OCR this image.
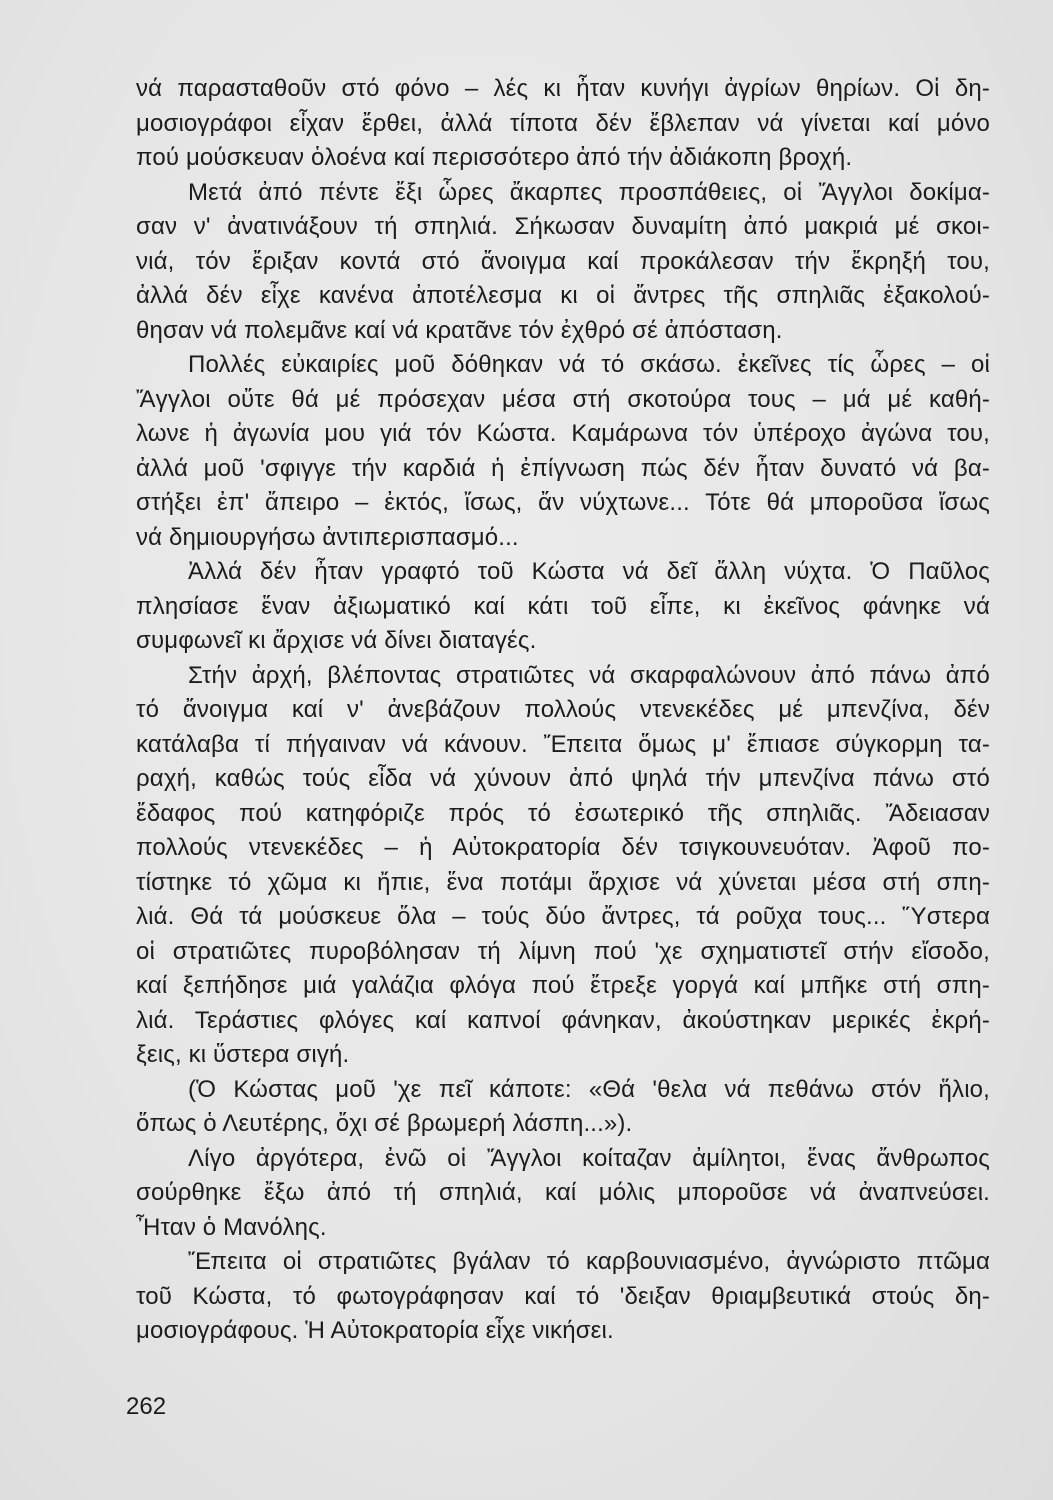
νά παρασταθοῦν στό φόνο – λές κι ἦταν κυνήγι ἀγρίων θηρίων. Οἱ δη-
μοσιογράφοι εἶχαν ἔρθει, ἀλλά τίποτα δέν ἔβλεπαν νά γίνεται καί μόνο
πού μούσκευαν ὁλοένα καί περισσότερο ἀπό τήν ἀδιάκοπη βροχή.
Μετά ἀπό πέντε ἔξι ὧρες ἄκαρπες προσπάθειες, οἱ Ἄγγλοι δοκίμα-
σαν ν' ἀνατινάξουν τή σπηλιά. Σήκωσαν δυναμίτη ἀπό μακριά μέ σκοι-
νιά, τόν ἔριξαν κοντά στό ἄνοιγμα καί προκάλεσαν τήν ἔκρηξή του,
ἀλλά δέν εἶχε κανένα ἀποτέλεσμα κι οἱ ἄντρες τῆς σπηλιᾶς ἐξακολού-
θησαν νά πολεμᾶνε καί νά κρατᾶνε τόν ἐχθρό σέ ἀπόσταση.
Πολλές εὐκαιρίες μοῦ δόθηκαν νά τό σκάσω. ἐκεῖνες τίς ὧρες – οἱ
Ἄγγλοι οὔτε θά μέ πρόσεχαν μέσα στή σκοτούρα τους – μά μέ καθή-
λωνε ἡ ἀγωνία μου γιά τόν Κώστα. Καμάρωνα τόν ὑπέροχο ἀγώνα του,
ἀλλά μοῦ 'σφιγγε τήν καρδιά ἡ ἐπίγνωση πώς δέν ἦταν δυνατό νά βα-
στήξει ἐπ' ἄπειρο – ἐκτός, ἴσως, ἄν νύχτωνε... Τότε θά μποροῦσα ἴσως
νά δημιουργήσω ἀντιπερισπασμό...
Ἀλλά δέν ἦταν γραφτό τοῦ Κώστα νά δεῖ ἄλλη νύχτα. Ὁ Παῦλος
πλησίασε ἕναν ἀξιωματικό καί κάτι τοῦ εἶπε, κι ἐκεῖνος φάνηκε νά
συμφωνεῖ κι ἄρχισε νά δίνει διαταγές.
Στήν ἀρχή, βλέποντας στρατιῶτες νά σκαρφαλώνουν ἀπό πάνω ἀπό
τό ἄνοιγμα καί ν' ἀνεβάζουν πολλούς ντενεκέδες μέ μπενζίνα, δέν
κατάλαβα τί πήγαιναν νά κάνουν. Ἔπειτα ὅμως μ' ἔπιασε σύγκορμη τα-
ραχή, καθώς τούς εἶδα νά χύνουν ἀπό ψηλά τήν μπενζίνα πάνω στό
ἔδαφος πού κατηφόριζε πρός τό ἐσωτερικό τῆς σπηλιᾶς. Ἄδειασαν
πολλούς ντενεκέδες – ἡ Αὐτοκρατορία δέν τσιγκουνευόταν. Ἀφοῦ πο-
τίστηκε τό χῶμα κι ἤπιε, ἕνα ποτάμι ἄρχισε νά χύνεται μέσα στή σπη-
λιά. Θά τά μούσκευε ὅλα – τούς δύο ἄντρες, τά ροῦχα τους... Ὕστερα
οἱ στρατιῶτες πυροβόλησαν τή λίμνη πού 'χε σχηματιστεῖ στήν εἴσοδο,
καί ξεπήδησε μιά γαλάζια φλόγα πού ἔτρεξε γοργά καί μπῆκε στή σπη-
λιά. Τεράστιες φλόγες καί καπνοί φάνηκαν, ἀκούστηκαν μερικές ἐκρή-
ξεις, κι ὕστερα σιγή.
(Ὁ Κώστας μοῦ 'χε πεῖ κάποτε: «Θά 'θελα νά πεθάνω στόν ἥλιο,
ὅπως ὁ Λευτέρης, ὄχι σέ βρωμερή λάσπη...»).
Λίγο ἀργότερα, ἐνῶ οἱ Ἄγγλοι κοίταζαν ἀμίλητοι, ἕνας ἄνθρωπος
σούρθηκε ἔξω ἀπό τή σπηλιά, καί μόλις μποροῦσε νά ἀναπνεύσει.
Ἦταν ὁ Μανόλης.
Ἔπειτα οἱ στρατιῶτες βγάλαν τό καρβουνιασμένο, ἀγνώριστο πτῶμα
τοῦ Κώστα, τό φωτογράφησαν καί τό 'δειξαν θριαμβευτικά στούς δη-
μοσιογράφους. Ἡ Αὐτοκρατορία εἶχε νικήσει.
262
